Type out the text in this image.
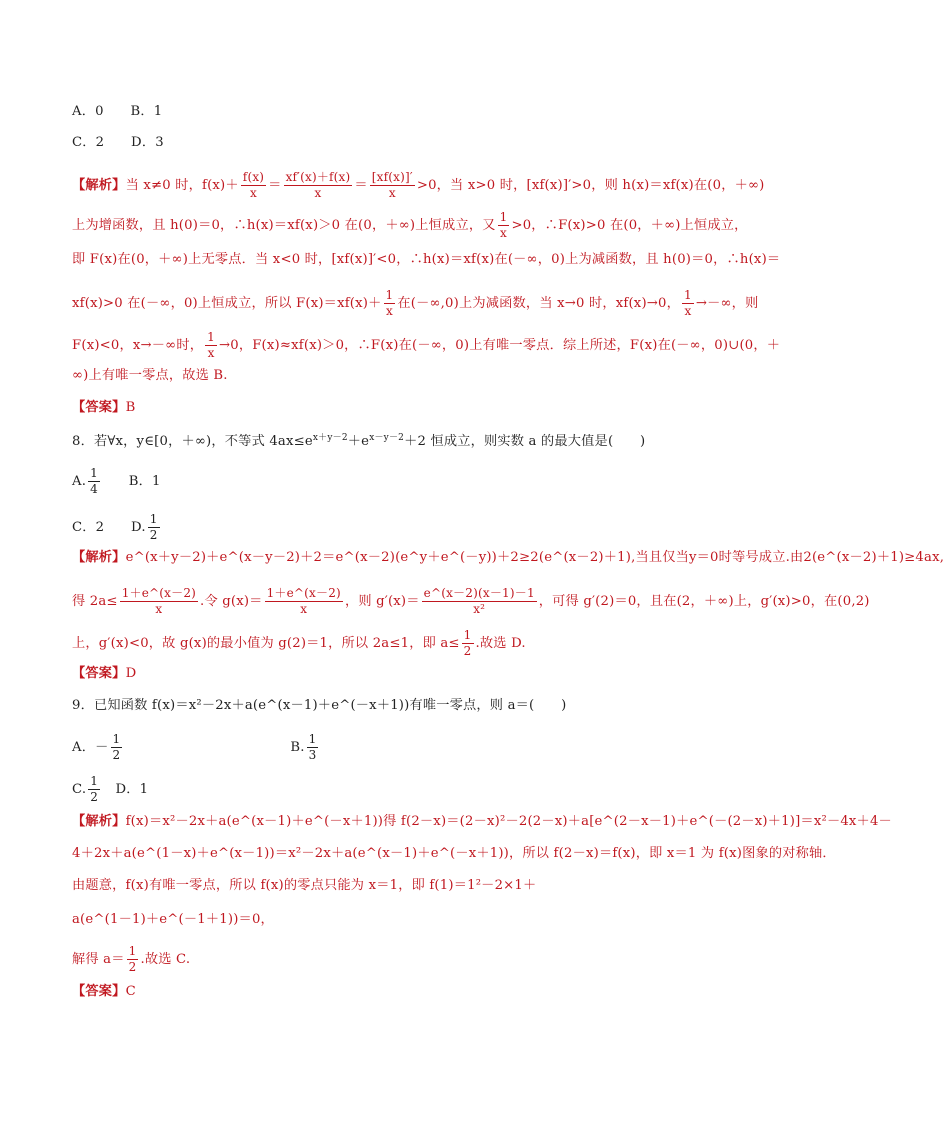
A．0　　B．1
C．2　　D．3
【解析】当 x≠0 时，$f(x)+ \frac{f(x)}{x} = \frac{xf'(x)+f(x)}{x} = \frac{[xf(x)]'}{x} >0$，当 x>0 时，[xf(x)]′>0，则 h(x)＝xf(x)在(0，＋∞)
上为增函数，且 h(0)＝0，∴h(x)＝xf(x)＞0 在(0，＋∞)上恒成立，又 $\frac{1}{x} >0$，∴F(x)>0 在(0，＋∞)上恒成立，
即 F(x)在(0，＋∞)上无零点．当 x<0 时，[xf(x)]′<0，∴h(x)＝xf(x)在(－∞，0)上为减函数，且 h(0)＝0，∴h(x)＝
xf(x)>0 在(－∞，0)上恒成立，所以 $F(x)=xf(x)+ \frac{1}{x}$ 在(－∞,0)上为减函数，当 x→0 时，xf(x)→0， $\frac{1}{x}$ →－∞，则
F(x)<0，x→－∞时， $\frac{1}{x} \to 0$，F(x)≈xf(x)＞0，∴F(x)在(－∞，0)上有唯一零点．综上所述，F(x)在(－∞，0)∪(0，＋
∞)上有唯一零点，故选 B.
【答案】B
8．若∀x，y∈[0，＋∞)，不等式 $4ax\le e^{x+y-2}+e^{x-y-2}+2$ 恒成立，则实数 a 的最大值是(　　)
A. $\frac{1}{4}$ 　　B．1
C．2　　D. $\frac{1}{2}$
【解析】e^(x＋y－2)＋e^(x－y－2)＋2＝e^(x－2)(e^y＋e^(－y))＋2≥2(e^(x－2)＋1),当且仅当y＝0时等号成立.由2(e^(x－2)＋1)≥4ax,
得 $2a\le \frac{1+e\^{}(x-2)}{x}$ .令 $g(x)= \frac{1+e\^{}(x-2)}{x}$ ，则 $g'(x)= \frac{e\^{}(x-2)(x-1)-1}{\text{x²}}$ ，可得 g′(2)＝0，且在(2，＋∞)上，g′(x)>0，在(0,2)
上，g′(x)<0，故 g(x)的最小值为 g(2)＝1，所以 2a≤1，即 $a\le \frac{1}{2}$ .故选 D.
【答案】D
9．已知函数 f(x)＝x²－2x＋a(e^(x－1)＋e^(－x＋1))有唯一零点，则 a＝(　　)
A．－ $\frac{1}{2}$	B. $\frac{1}{3}$
C. $\frac{1}{2}$ 　D．1
【解析】f(x)＝x²－2x＋a(e^(x－1)＋e^(－x＋1))得 f(2－x)＝(2－x)²－2(2－x)＋a[e^(2－x－1)＋e^(－(2－x)＋1)]＝x²－4x＋4－
4＋2x＋a(e^(1－x)＋e^(x－1))＝x²－2x＋a(e^(x－1)＋e^(－x＋1))，所以 f(2－x)＝f(x)，即 x＝1 为 f(x)图象的对称轴．
由题意，f(x)有唯一零点，所以 f(x)的零点只能为 x＝1，即 f(1)＝1²－2×1＋
a(e^(1－1)＋e^(－1＋1))＝0，
解得 $a= \frac{1}{2}$ .故选 C.
【答案】C
